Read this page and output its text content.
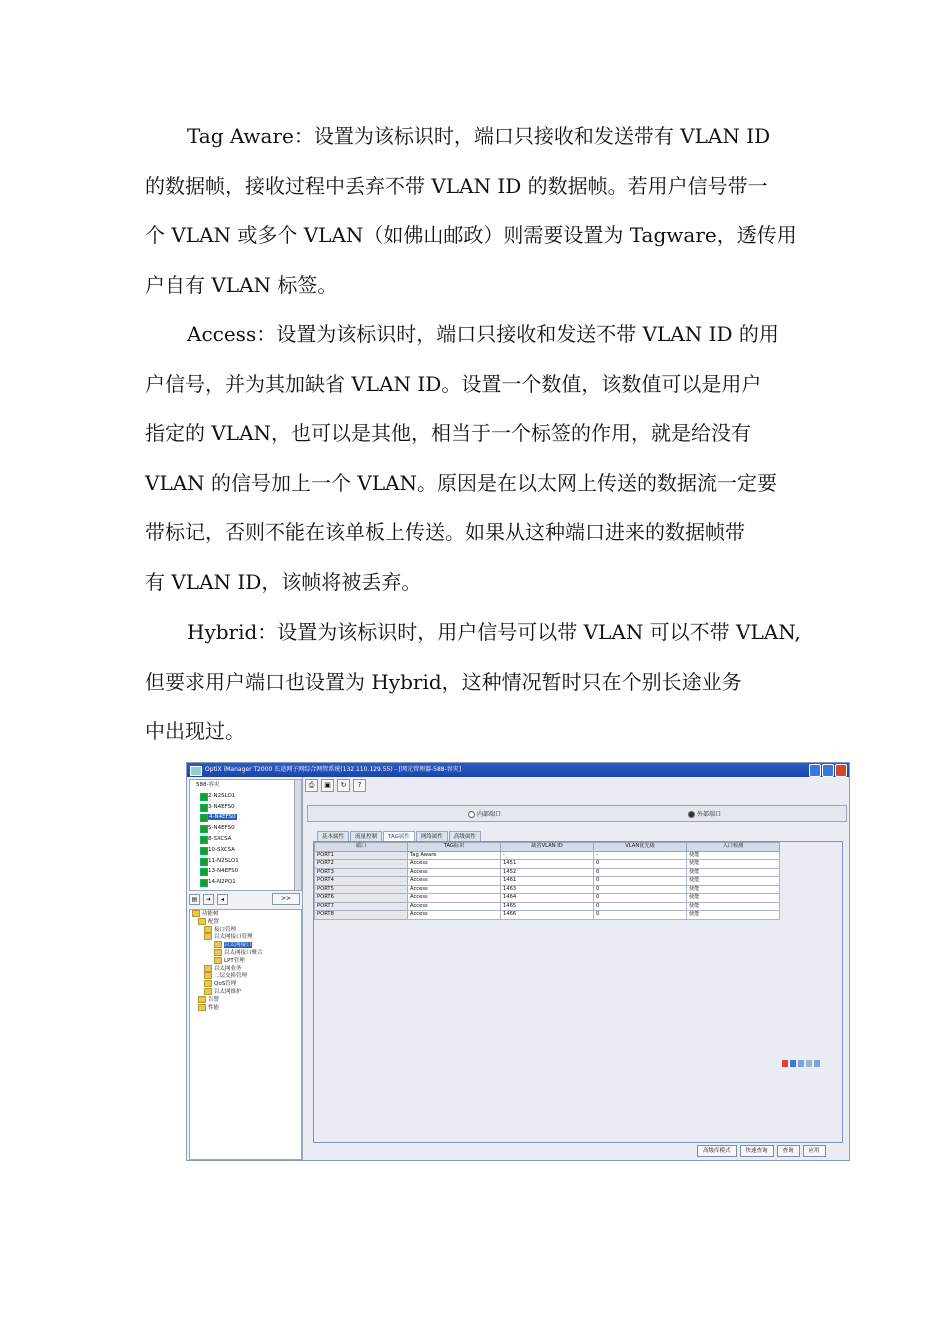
Tag Aware：设置为该标识时，端口只接收和发送带有 VLAN ID
的数据帧，接收过程中丢弃不带 VLAN ID 的数据帧。若用户信号带一
个 VLAN 或多个 VLAN（如佛山邮政）则需要设置为 Tagware，透传用
户自有 VLAN 标签。
Access：设置为该标识时，端口只接收和发送不带 VLAN ID 的用
户信号，并为其加缺省 VLAN ID。设置一个数值，该数值可以是用户
指定的 VLAN，也可以是其他，相当于一个标签的作用，就是给没有
VLAN 的信号加上一个 VLAN。原因是在以太网上传送的数据流一定要
带标记，否则不能在该单板上传送。如果从这种端口进来的数据帧带
有 VLAN ID，该帧将被丢弃。
Hybrid：设置为该标识时，用户信号可以带 VLAN 可以不带 VLAN,
但要求用户端口也设置为 Hybrid，这种情况暂时只在个别长途业务
中出现过。
OptiX iManager T2000 长途网子网综合网管系统(132.110.129.55) - [网元管理器-588-容灾]
588-容灾
2-N2SLO1
3-N4EFS0
4-N4EFS0
5-N4EFS0
8-SXCSA
10-SXCSA
11-N2SLO1
13-N4EFS0
14-N2PQ1
▤	➜	◂	>>
功能树
配置
接口管理
以太网接口管理
以太网接口
以太网接口聚合
LPT管理
以太网业务
二层交换管理
QoS管理
以太网维护
告警
性能
⎙	▣	↻	?
内部端口	外部端口
基本属性	流量控制	TAG属性	网络属性	高级属性
端口	TAG标识	缺省VLAN ID	VLAN优先级	入口检测
PORT1	Tag Aware	-	-	使能
PORT2	Access	1451	0	使能
PORT3	Access	1452	0	使能
PORT4	Access	1461	0	使能
PORT5	Access	1463	0	使能
PORT6	Access	1464	0	使能
PORT7	Access	1465	0	使能
PORT8	Access	1466	0	使能
高级库模式	快速查询	查询	应用
